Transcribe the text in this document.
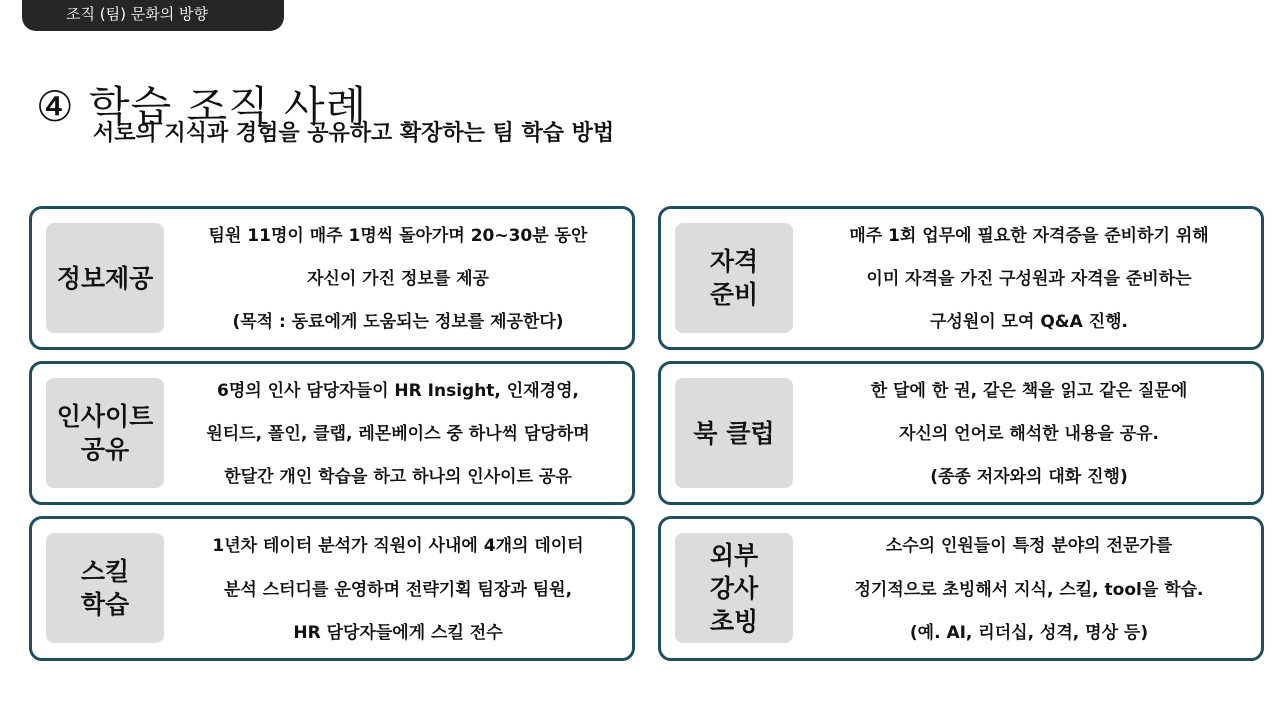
조직 (팀) 문화의 방향
④ 학습 조직 사례
서로의 지식과 경험을 공유하고 확장하는 팀 학습 방법
정보제공
팀원 11명이 매주 1명씩 돌아가며 20~30분 동안
자신이 가진 정보를 제공
(목적 : 동료에게 도움되는 정보를 제공한다)
자격
준비
매주 1회 업무에 필요한 자격증을 준비하기 위해
이미 자격을 가진 구성원과 자격을 준비하는
구성원이 모여 Q&A 진행.
인사이트
공유
6명의 인사 담당자들이 HR Insight, 인재경영,
원티드, 폴인, 클랩, 레몬베이스 중 하나씩 담당하며
한달간 개인 학습을 하고 하나의 인사이트 공유
북 클럽
한 달에 한 권, 같은 책을 읽고 같은 질문에
자신의 언어로 해석한 내용을 공유.
(종종 저자와의 대화 진행)
스킬
학습
1년차 테이터 분석가 직원이 사내에 4개의 데이터
분석 스터디를 운영하며 전략기획 팀장과 팀원,
HR 담당자들에게 스킬 전수
외부
강사
초빙
소수의 인원들이 특정 분야의 전문가를
정기적으로 초빙해서 지식, 스킬, tool을 학습.
(예. AI, 리더십, 성격, 명상 등)
